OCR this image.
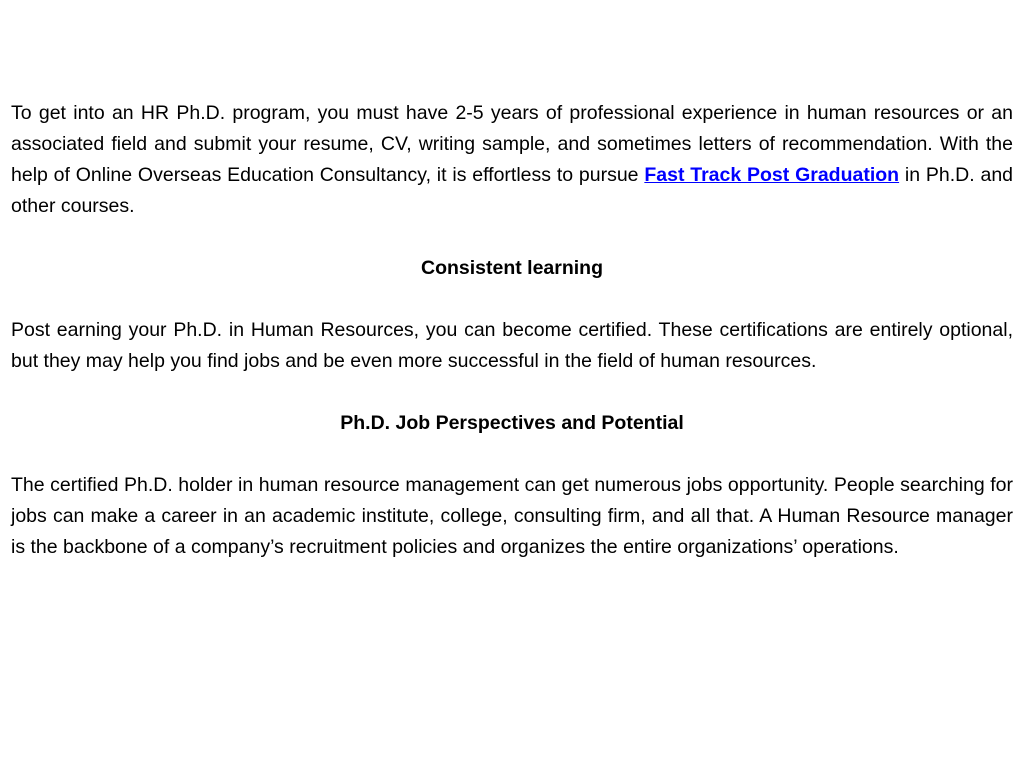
To get into an HR Ph.D. program, you must have 2-5 years of professional experience in human resources or an associated field and submit your resume, CV, writing sample, and sometimes letters of recommendation. With the help of Online Overseas Education Consultancy, it is effortless to pursue Fast Track Post Graduation in Ph.D. and other courses.

Consistent learning

Post earning your Ph.D. in Human Resources, you can become certified. These certifications are entirely optional, but they may help you find jobs and be even more successful in the field of human resources.

Ph.D. Job Perspectives and Potential

The certified Ph.D. holder in human resource management can get numerous jobs opportunity. People searching for jobs can make a career in an academic institute, college, consulting firm, and all that. A Human Resource manager is the backbone of a company’s recruitment policies and organizes the entire organizations’ operations.
